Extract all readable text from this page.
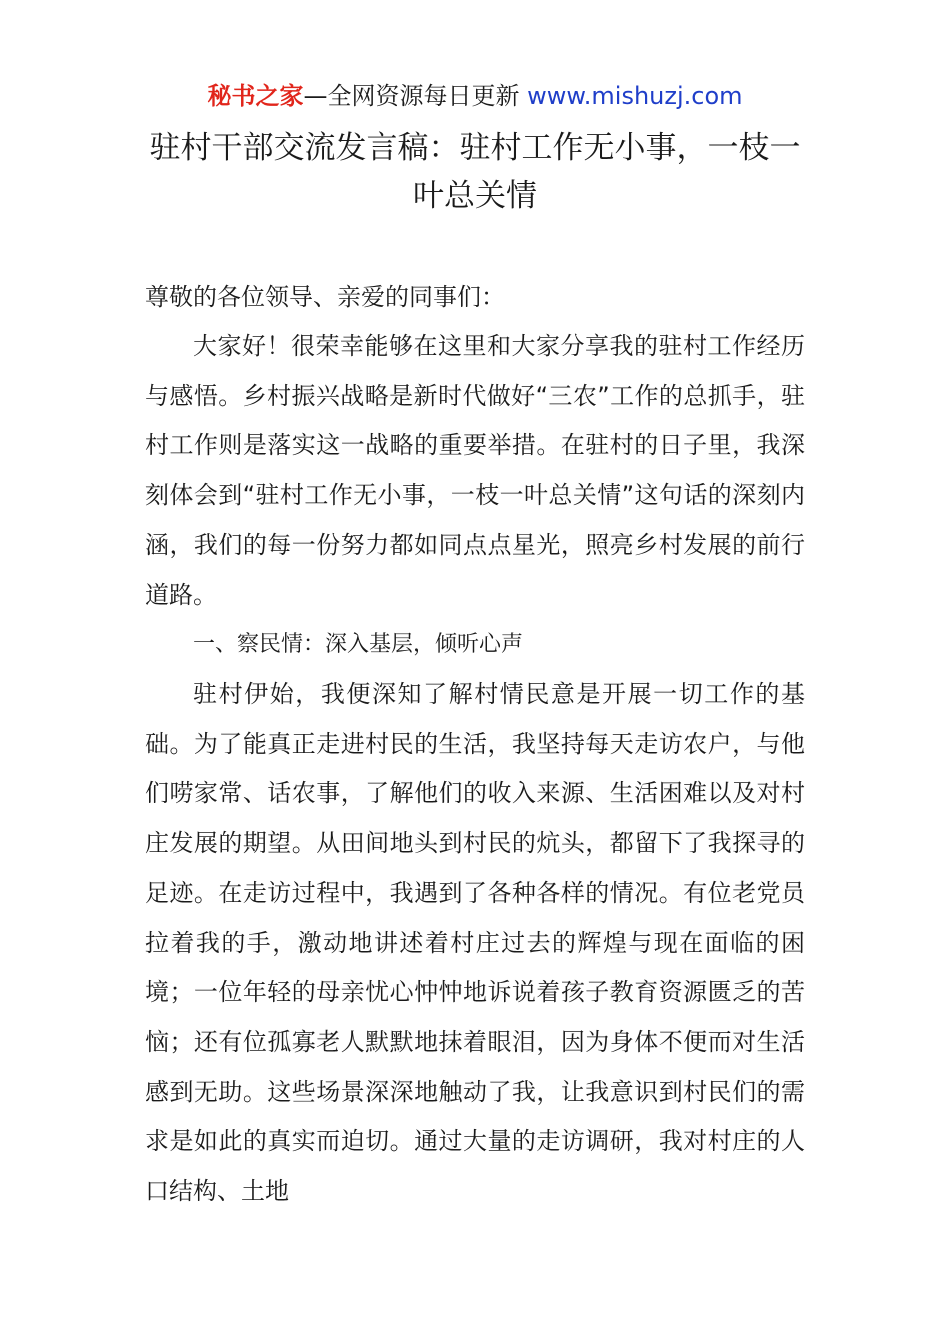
秘书之家—全网资源每日更新 www.mishuzj.com
驻村干部交流发言稿：驻村工作无小事，一枝一叶总关情

尊敬的各位领导、亲爱的同事们：

大家好！很荣幸能够在这里和大家分享我的驻村工作经历与感悟。乡村振兴战略是新时代做好“三农”工作的总抓手，驻村工作则是落实这一战略的重要举措。在驻村的日子里，我深刻体会到“驻村工作无小事，一枝一叶总关情”这句话的深刻内涵，我们的每一份努力都如同点点星光，照亮乡村发展的前行道路。

一、察民情：深入基层，倾听心声

驻村伊始，我便深知了解村情民意是开展一切工作的基础。为了能真正走进村民的生活，我坚持每天走访农户，与他们唠家常、话农事，了解他们的收入来源、生活困难以及对村庄发展的期望。从田间地头到村民的炕头，都留下了我探寻的足迹。在走访过程中，我遇到了各种各样的情况。有位老党员拉着我的手，激动地讲述着村庄过去的辉煌与现在面临的困境；一位年轻的母亲忧心忡忡地诉说着孩子教育资源匮乏的苦恼；还有位孤寡老人默默地抹着眼泪，因为身体不便而对生活感到无助。这些场景深深地触动了我，让我意识到村民们的需求是如此的真实而迫切。通过大量的走访调研，我对村庄的人口结构、土地
